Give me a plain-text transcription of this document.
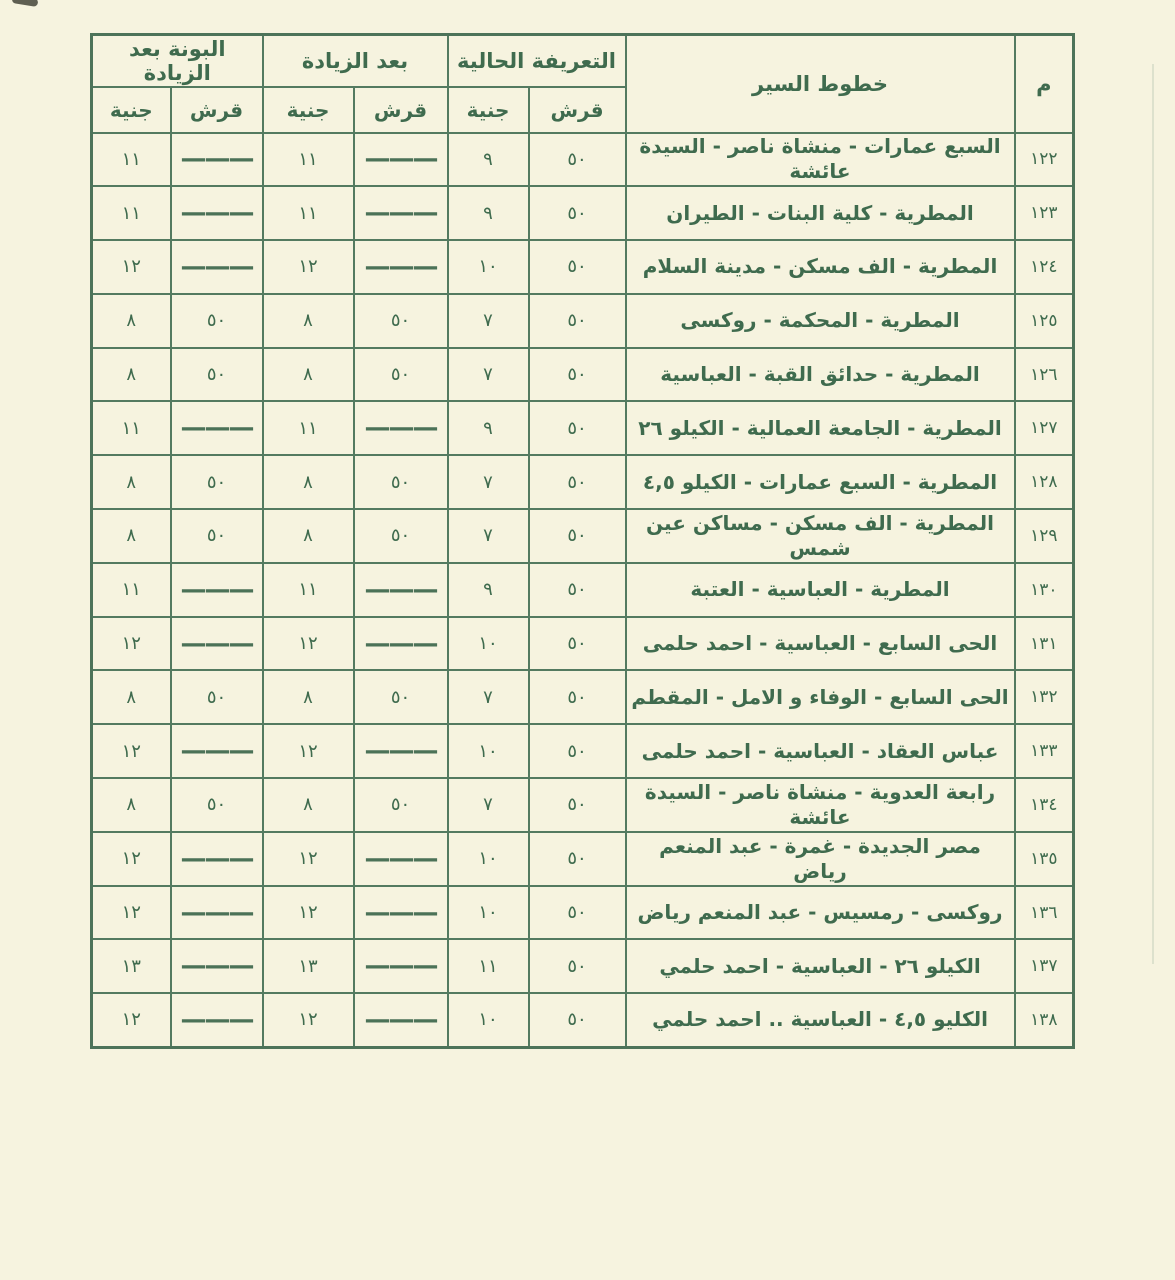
م	خطوط السير	التعريفة الحالية		بعد الزيادة		البونة بعد الزيادة	
		قرش	جنية	قرش	جنية	قرش	جنية
١٢٢	السبع عمارات - منشاة ناصر - السيدة عائشة	٥٠	٩	———	١١	———	١١
١٢٣	المطرية - كلية البنات - الطيران	٥٠	٩	———	١١	———	١١
١٢٤	المطرية - الف مسكن - مدينة السلام	٥٠	١٠	———	١٢	———	١٢
١٢٥	المطرية - المحكمة - روكسى	٥٠	٧	٥٠	٨	٥٠	٨
١٢٦	المطرية - حدائق القبة - العباسية	٥٠	٧	٥٠	٨	٥٠	٨
١٢٧	المطرية - الجامعة العمالية - الكيلو ٢٦	٥٠	٩	———	١١	———	١١
١٢٨	المطرية - السبع عمارات - الكيلو ٤,٥	٥٠	٧	٥٠	٨	٥٠	٨
١٢٩	المطرية - الف مسكن - مساكن عين شمس	٥٠	٧	٥٠	٨	٥٠	٨
١٣٠	المطرية - العباسية - العتبة	٥٠	٩	———	١١	———	١١
١٣١	الحى السابع - العباسية - احمد حلمى	٥٠	١٠	———	١٢	———	١٢
١٣٢	الحى السابع - الوفاء و الامل - المقطم	٥٠	٧	٥٠	٨	٥٠	٨
١٣٣	عباس العقاد - العباسية - احمد حلمى	٥٠	١٠	———	١٢	———	١٢
١٣٤	رابعة العدوية - منشاة ناصر - السيدة عائشة	٥٠	٧	٥٠	٨	٥٠	٨
١٣٥	مصر الجديدة - غمرة - عبد المنعم رياض	٥٠	١٠	———	١٢	———	١٢
١٣٦	روكسى - رمسيس - عبد المنعم رياض	٥٠	١٠	———	١٢	———	١٢
١٣٧	الكيلو ٢٦ - العباسية - احمد حلمي	٥٠	١١	———	١٣	———	١٣
١٣٨	الكليو ٤,٥ - العباسية .. احمد حلمي	٥٠	١٠	———	١٢	———	١٢
